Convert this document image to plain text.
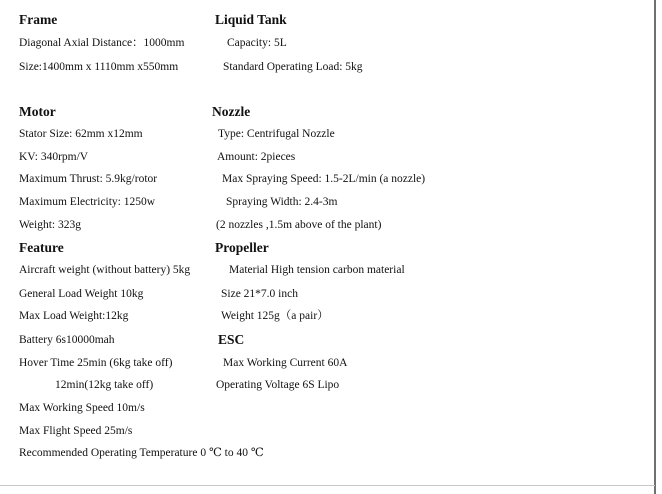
Frame
Diagonal Axial Distance：1000mm
Size:1400mm x 1110mm x550mm
Liquid Tank
Capacity: 5L
Standard Operating Load: 5kg
Motor
Stator Size: 62mm x12mm
KV: 340rpm/V
Maximum Thrust: 5.9kg/rotor
Maximum Electricity: 1250w
Weight: 323g
Nozzle
Type: Centrifugal Nozzle
Amount: 2pieces
Max Spraying Speed: 1.5-2L/min (a nozzle)
Spraying Width: 2.4-3m
(2 nozzles ,1.5m above of the plant)
Feature
Aircraft weight (without battery) 5kg
General Load Weight 10kg
Max Load Weight:12kg
Battery 6s10000mah
Hover Time 25min (6kg take off)
12min(12kg take off)
Max Working Speed 10m/s
Max Flight Speed 25m/s
Recommended Operating Temperature 0 ℃ to 40 ℃
Propeller
Material High tension carbon material
Size 21*7.0 inch
Weight 125g（a pair）
ESC
Max Working Current 60A
Operating Voltage 6S Lipo
